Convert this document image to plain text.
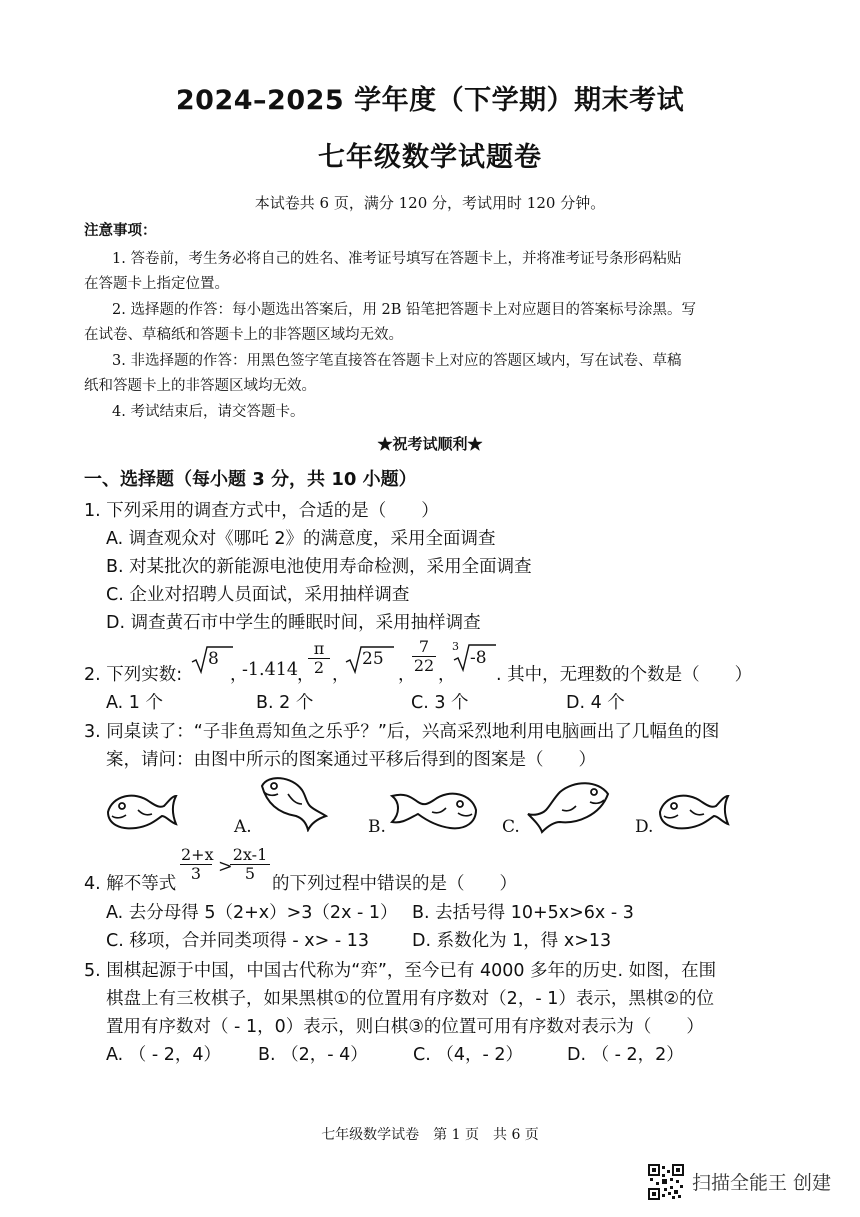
2024–2025 学年度（下学期）期末考试
七年级数学试题卷
本试卷共 6 页，满分 120 分，考试用时 120 分钟。
注意事项：
1. 答卷前，考生务必将自己的姓名、准考证号填写在答题卡上，并将准考证号条形码粘贴
在答题卡上指定位置。
2. 选择题的作答：每小题选出答案后，用 2B 铅笔把答题卡上对应题目的答案标号涂黑。写
在试卷、草稿纸和答题卡上的非答题区域均无效。
3. 非选择题的作答：用黑色签字笔直接答在答题卡上对应的答题区域内，写在试卷、草稿
纸和答题卡上的非答题区域均无效。
4. 考试结束后，请交答题卡。
★祝考试顺利★
一、选择题（每小题 3 分，共 10 小题）
1. 下列采用的调查方式中，合适的是（　　）
A. 调查观众对《哪吒 2》的满意度，采用全面调查
B. 对某批次的新能源电池使用寿命检测，采用全面调查
C. 企业对招聘人员面试，采用抽样调查
D. 调查黄石市中学生的睡眠时间，采用抽样调查
2. 下列实数:
8
，
-1.414
，
$\frac{\pi}{2}$ ，
25
，
$\frac{7}{22}$ ，
3
-8
. 其中，无理数的个数是（　　）
A. 1 个	B. 2 个	C. 3 个	D. 4 个
3. 同桌读了：“子非鱼焉知鱼之乐乎？”后，兴高采烈地利用电脑画出了几幅鱼的图
案，请问：由图中所示的图案通过平移后得到的图案是（　　）
A.	B.	C.	D.
4. 解不等式
$\frac{2+x}{3}$ >
$\frac{2x-1}{5}$
的下列过程中错误的是（　　）
A. 去分母得 5（2+x）>3（2x - 1） B. 去括号得 10+5x>6x - 3
C. 移项，合并同类项得 - x> - 13 D. 系数化为 1，得 x>13
5. 围棋起源于中国，中国古代称为“弈”，至今已有 4000 多年的历史. 如图，在围
棋盘上有三枚棋子，如果黑棋①的位置用有序数对（2，- 1）表示，黑棋②的位
置用有序数对（ - 1，0）表示，则白棋③的位置可用有序数对表示为（　　）
A. （ - 2，4） B. （2，- 4）	C. （4，- 2）	D. （ - 2，2）
七年级数学试卷　第 1 页　共 6 页
扫描全能王 创建
